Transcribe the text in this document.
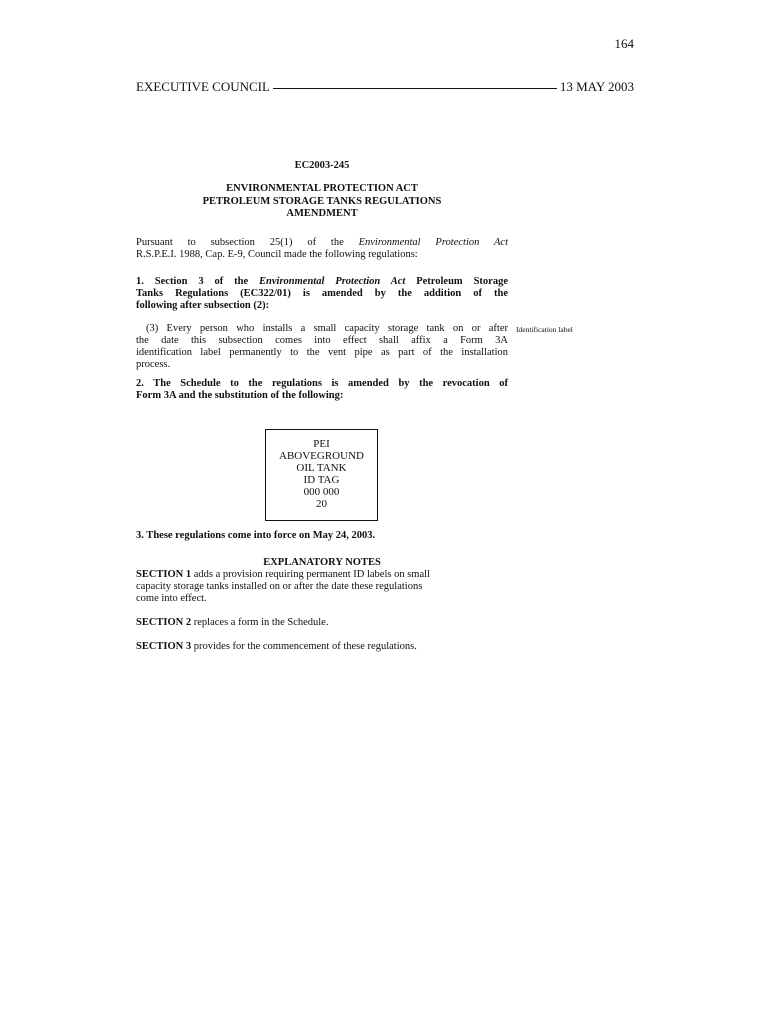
164
EXECUTIVE COUNCIL	13 MAY 2003
EC2003-245
ENVIRONMENTAL PROTECTION ACT
PETROLEUM STORAGE TANKS REGULATIONS
AMENDMENT
Pursuant to subsection 25(1) of the Environmental Protection Act
R.S.P.E.I. 1988, Cap. E-9, Council made the following regulations:
1. Section 3 of the Environmental Protection Act Petroleum Storage
Tanks Regulations (EC322/01) is amended by the addition of the
following after subsection (2):
(3) Every person who installs a small capacity storage tank on or after
the date this subsection comes into effect shall affix a Form 3A
identification label permanently to the vent pipe as part of the installation
process.
Identification label
2. The Schedule to the regulations is amended by the revocation of
Form 3A and the substitution of the following:
PEI
ABOVEGROUND
OIL TANK
ID TAG
000 000
20
3. These regulations come into force on May 24, 2003.
EXPLANATORY NOTES
SECTION 1 adds a provision requiring permanent ID labels on small
capacity storage tanks installed on or after the date these regulations
come into effect.
SECTION 2 replaces a form in the Schedule.
SECTION 3 provides for the commencement of these regulations.
